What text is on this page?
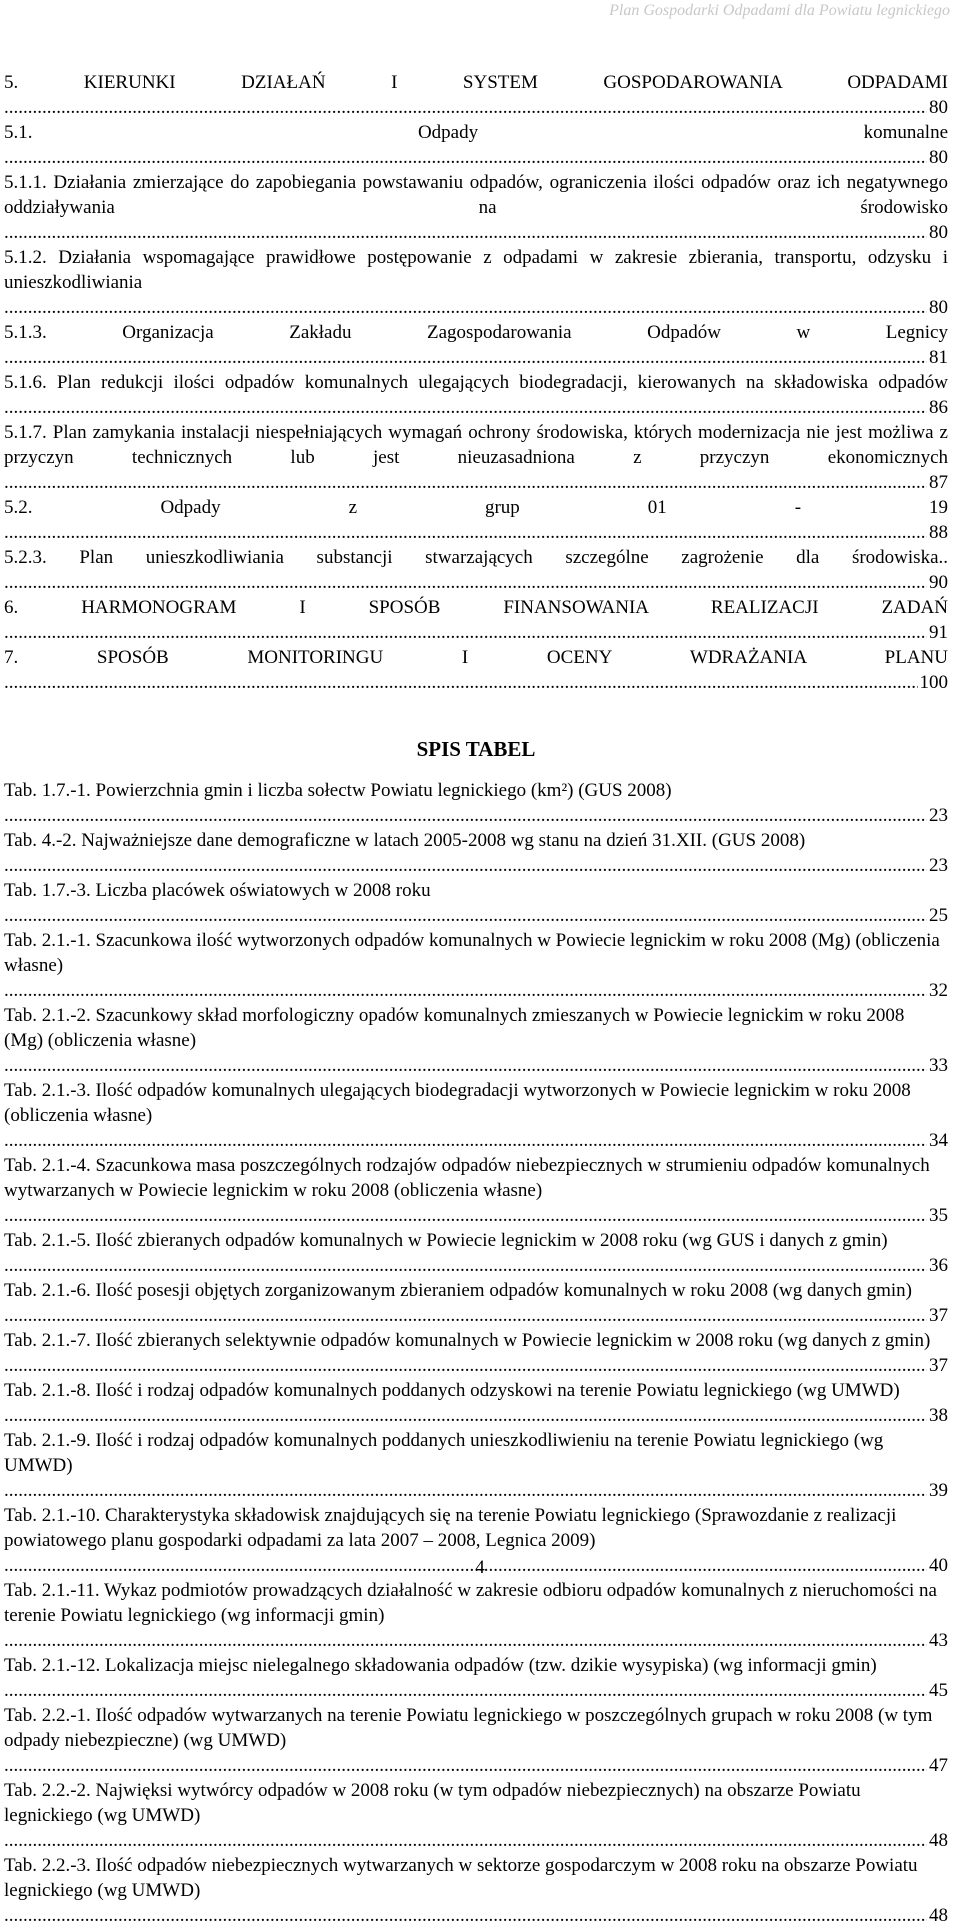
Plan Gospodarki Odpadami dla Powiatu legnickiego
5. KIERUNKI DZIAŁAŃ I SYSTEM GOSPODAROWANIA ODPADAMI .....
80
5.1. Odpady komunalne .....
80
5.1.1. Działania zmierzające do zapobiegania powstawaniu odpadów, ograniczenia ilości odpadów oraz ich negatywnego oddziaływania na środowisko .....
80
5.1.2. Działania wspomagające prawidłowe postępowanie z odpadami w zakresie zbierania, transportu, odzysku i unieszkodliwiania .....
80
5.1.3. Organizacja Zakładu Zagospodarowania Odpadów w Legnicy .....
81
5.1.6. Plan redukcji ilości odpadów komunalnych ulegających biodegradacji, kierowanych na składowiska odpadów .....
86
5.1.7. Plan zamykania instalacji niespełniających wymagań ochrony środowiska, których modernizacja nie jest możliwa z przyczyn technicznych lub jest nieuzasadniona z przyczyn ekonomicznych .....
87
5.2. Odpady z grup 01 - 19 .....
88
5.2.3. Plan unieszkodliwiania substancji stwarzających szczególne zagrożenie dla środowiska.. .....
90
6. HARMONOGRAM I SPOSÓB FINANSOWANIA REALIZACJI ZADAŃ .....
91
7. SPOSÓB MONITORINGU I OCENY WDRAŻANIA PLANU .....
100
SPIS TABEL
Tab. 1.7.-1. Powierzchnia gmin i liczba sołectw Powiatu legnickiego (km²) (GUS 2008) .....
23
Tab. 4.-2. Najważniejsze dane demograficzne w latach 2005-2008 wg stanu na dzień 31.XII. (GUS 2008) .....
23
Tab. 1.7.-3. Liczba placówek oświatowych w 2008 roku .....
25
Tab. 2.1.-1. Szacunkowa ilość wytworzonych odpadów komunalnych w Powiecie legnickim w roku 2008 (Mg) (obliczenia własne) .....
32
Tab. 2.1.-2. Szacunkowy skład morfologiczny opadów komunalnych zmieszanych w Powiecie legnickim w roku 2008 (Mg) (obliczenia własne) .....
33
Tab. 2.1.-3. Ilość odpadów komunalnych ulegających biodegradacji wytworzonych w Powiecie legnickim w roku 2008 (obliczenia własne) .....
34
Tab. 2.1.-4. Szacunkowa masa poszczególnych rodzajów odpadów niebezpiecznych w strumieniu odpadów komunalnych wytwarzanych w Powiecie legnickim w roku 2008 (obliczenia własne) .....
35
Tab. 2.1.-5. Ilość zbieranych odpadów komunalnych w Powiecie legnickim w 2008 roku (wg GUS i danych z gmin) .....
36
Tab. 2.1.-6. Ilość posesji objętych zorganizowanym zbieraniem odpadów komunalnych w roku 2008 (wg danych gmin) .....
37
Tab. 2.1.-7. Ilość zbieranych selektywnie odpadów komunalnych w Powiecie legnickim w 2008 roku (wg danych z gmin) .....
37
Tab. 2.1.-8. Ilość i rodzaj odpadów komunalnych poddanych odzyskowi na terenie Powiatu legnickiego (wg UMWD) .....
38
Tab. 2.1.-9. Ilość i rodzaj odpadów komunalnych poddanych unieszkodliwieniu na terenie Powiatu legnickiego (wg UMWD) .....
39
Tab. 2.1.-10. Charakterystyka składowisk znajdujących się na terenie Powiatu legnickiego (Sprawozdanie z realizacji powiatowego planu gospodarki odpadami za lata 2007 – 2008, Legnica 2009) .....
40
Tab. 2.1.-11. Wykaz podmiotów prowadzących działalność w zakresie odbioru odpadów komunalnych z nieruchomości na terenie Powiatu legnickiego (wg informacji gmin) .....
43
Tab. 2.1.-12. Lokalizacja miejsc nielegalnego składowania odpadów (tzw. dzikie wysypiska) (wg informacji gmin) .....
45
Tab. 2.2.-1. Ilość odpadów wytwarzanych na terenie Powiatu legnickiego w poszczególnych grupach w roku 2008 (w tym odpady niebezpieczne) (wg UMWD) .....
47
Tab. 2.2.-2. Najwięksi wytwórcy odpadów w 2008 roku (w tym odpadów niebezpiecznych) na obszarze Powiatu legnickiego (wg UMWD) .....
48
Tab. 2.2.-3. Ilość odpadów niebezpiecznych wytwarzanych w sektorze gospodarczym w 2008 roku na obszarze Powiatu legnickiego (wg UMWD) .....
48
4
